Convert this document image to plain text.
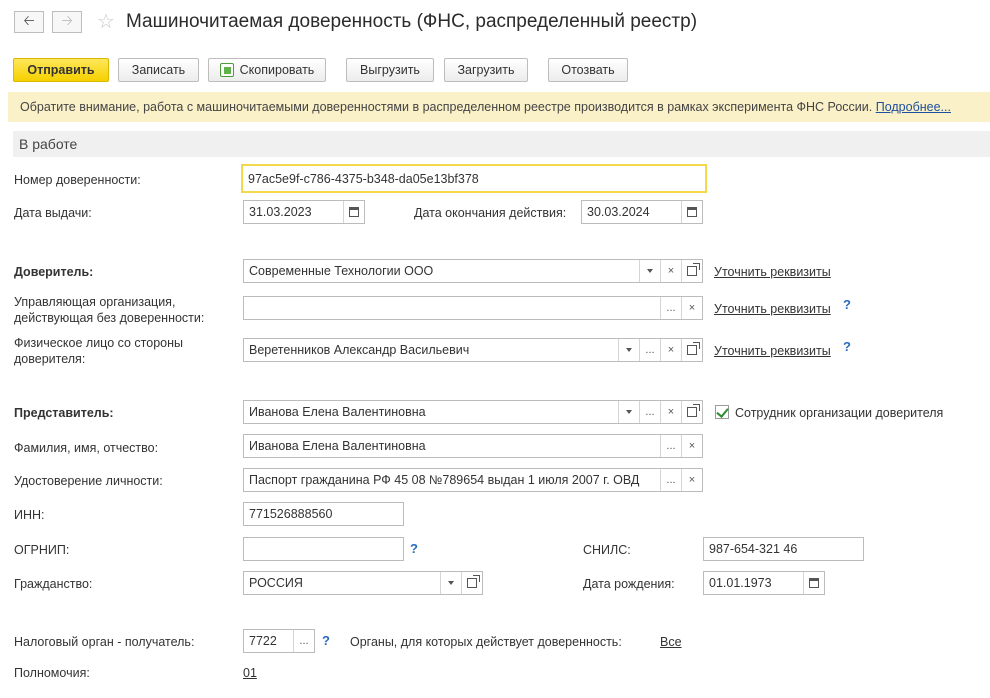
🡠 🡢 ☆ Машиночитаемая доверенность (ФНС, распределенный реестр)
Отправить	Записать	Скопировать	Выгрузить	Загрузить	Отозвать
Обратите внимание, работа с машиночитаемыми доверенностями в распределенном реестре производится в рамках эксперимента ФНС России.
Подробнее...
В работе
Номер доверенности:	97ac5e9f-c786-4375-b348-da05e13bf378
Дата выдачи:	31.03.2023	Дата окончания действия:	30.03.2024
Доверитель:	Современные Технологии ООО	×	Уточнить реквизиты
Управляющая организация,
действующая без доверенности:
... × Уточнить реквизиты ?
Физическое лицо со стороны
доверителя:
Веретенников Александр Васильевич	... ×	Уточнить реквизиты ?
Представитель:	Иванова Елена Валентиновна	... ×	Сотрудник организации доверителя
Фамилия, имя, отчество:	Иванова Елена Валентиновна	... ×
Удостоверение личности:	Паспорт гражданина РФ 45 08 №789654 выдан 1 июля 2007 г. ОВД	... ×
ИНН:	771526888560
ОГРНИП:	?	СНИЛС:	987-654-321 46
Гражданство:	РОССИЯ	Дата рождения:	01.01.1973
Налоговый орган - получатель:	7722	... ? Органы, для которых действует доверенность:	Все
Полномочия:	01
